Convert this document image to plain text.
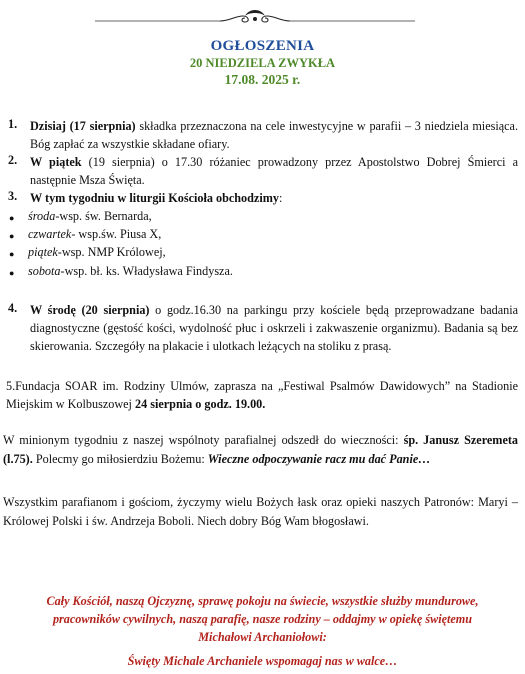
OGŁOSZENIA
20 NIEDZIELA ZWYKŁA
17.08. 2025 r.
1. Dzisiaj (17 sierpnia) składka przeznaczona na cele inwestycyjne w parafii – 3 niedziela miesiąca. Bóg zapłać za wszystkie składane ofiary.
2. W piątek (19 sierpnia) o 17.30 różaniec prowadzony przez Apostolstwo Dobrej Śmierci a następnie Msza Święta.
3. W tym tygodniu w liturgii Kościoła obchodzimy:
● środa-wsp. św. Bernarda,
● czwartek- wsp.św. Piusa X,
● piątek-wsp. NMP Królowej,
● sobota-wsp. bł. ks. Władysława Findysza.
4. W środę (20 sierpnia) o godz.16.30 na parkingu przy kościele będą przeprowadzane badania diagnostyczne (gęstość kości, wydolność płuc i oskrzeli i zakwaszenie organizmu). Badania są bez skierowania. Szczegóły na plakacie i ulotkach leżących na stoliku z prasą.
5.Fundacja SOAR im. Rodziny Ulmów, zaprasza na „Festiwal Psalmów Dawidowych” na Stadionie Miejskim w Kolbuszowej 24 sierpnia o godz. 19.00.
W minionym tygodniu z naszej wspólnoty parafialnej odszedł do wieczności: śp. Janusz Szeremeta (l.75). Polecmy go miłosierdziu Bożemu: Wieczne odpoczywanie racz mu dać Panie…
Wszystkim parafianom i gościom, życzymy wielu Bożych łask oraz opieki naszych Patronów: Maryi – Królowej Polski i św. Andrzeja Boboli. Niech dobry Bóg Wam błogosławi.
Cały Kościół, naszą Ojczyznę, sprawę pokoju na świecie, wszystkie służby mundurowe,
pracowników cywilnych, naszą parafię, nasze rodziny – oddajmy w opiekę świętemu
Michałowi Archaniołowi:
Święty Michale Archaniele wspomagaj nas w walce…
